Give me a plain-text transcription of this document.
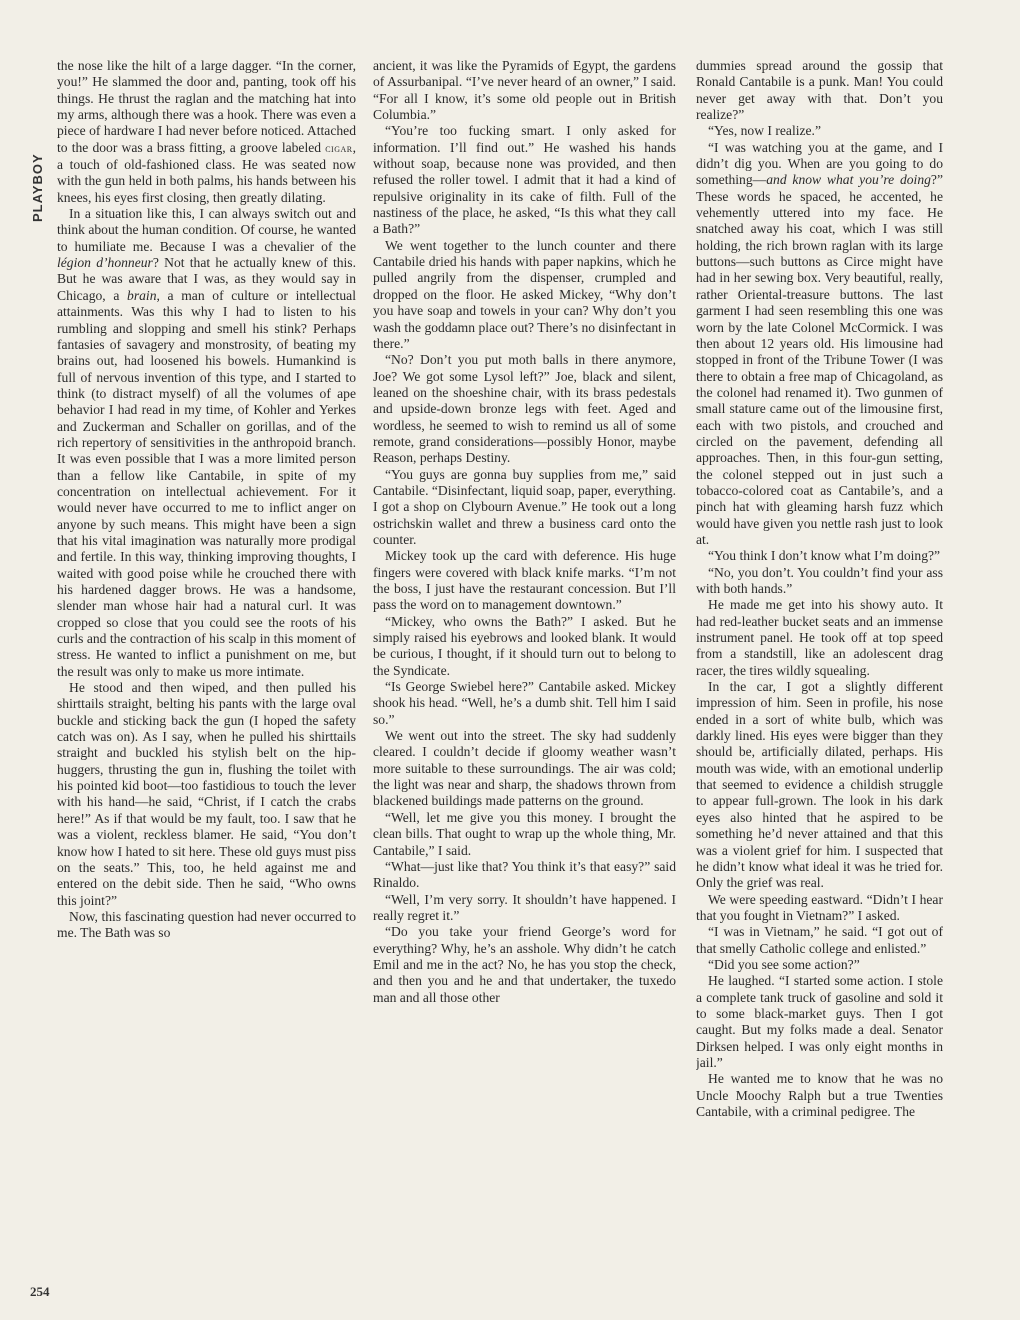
PLAYBOY

the nose like the hilt of a large dagger. “In the corner, you!” He slammed the door and, panting, took off his things. He thrust the raglan and the matching hat into my arms, although there was a hook. There was even a piece of hardware I had never before noticed. Attached to the door was a brass fitting, a groove labeled cigar, a touch of old-fashioned class. He was seated now with the gun held in both palms, his hands between his knees, his eyes first closing, then greatly dilating.

In a situation like this, I can always switch out and think about the human condition. Of course, he wanted to humiliate me. Because I was a chevalier of the légion d’honneur? Not that he actually knew of this. But he was aware that I was, as they would say in Chicago, a brain, a man of culture or intellectual attainments. Was this why I had to listen to his rumbling and slopping and smell his stink? Perhaps fantasies of savagery and monstrosity, of beating my brains out, had loosened his bowels. Humankind is full of nervous invention of this type, and I started to think (to distract myself) of all the volumes of ape behavior I had read in my time, of Kohler and Yerkes and Zuckerman and Schaller on gorillas, and of the rich repertory of sensitivities in the anthropoid branch. It was even possible that I was a more limited person than a fellow like Cantabile, in spite of my concentration on intellectual achievement. For it would never have occurred to me to inflict anger on anyone by such means. This might have been a sign that his vital imagination was naturally more prodigal and fertile. In this way, thinking improving thoughts, I waited with good poise while he crouched there with his hardened dagger brows. He was a handsome, slender man whose hair had a natural curl. It was cropped so close that you could see the roots of his curls and the contraction of his scalp in this moment of stress. He wanted to inflict a punishment on me, but the result was only to make us more intimate.

He stood and then wiped, and then pulled his shirttails straight, belting his pants with the large oval buckle and sticking back the gun (I hoped the safety catch was on). As I say, when he pulled his shirttails straight and buckled his stylish belt on the hip-huggers, thrusting the gun in, flushing the toilet with his pointed kid boot—too fastidious to touch the lever with his hand—he said, “Christ, if I catch the crabs here!” As if that would be my fault, too. I saw that he was a violent, reckless blamer. He said, “You don’t know how I hated to sit here. These old guys must piss on the seats.” This, too, he held against me and entered on the debit side. Then he said, “Who owns this joint?”

Now, this fascinating question had never occurred to me. The Bath was so

ancient, it was like the Pyramids of Egypt, the gardens of Assurbanipal. “I’ve never heard of an owner,” I said. “For all I know, it’s some old people out in British Columbia.”

“You’re too fucking smart. I only asked for information. I’ll find out.” He washed his hands without soap, because none was provided, and then refused the roller towel. I admit that it had a kind of repulsive originality in its cake of filth. Full of the nastiness of the place, he asked, “Is this what they call a Bath?”

We went together to the lunch counter and there Cantabile dried his hands with paper napkins, which he pulled angrily from the dispenser, crumpled and dropped on the floor. He asked Mickey, “Why don’t you have soap and towels in your can? Why don’t you wash the goddamn place out? There’s no disinfectant in there.”

“No? Don’t you put moth balls in there anymore, Joe? We got some Lysol left?” Joe, black and silent, leaned on the shoeshine chair, with its brass pedestals and upside-down bronze legs with feet. Aged and wordless, he seemed to wish to remind us all of some remote, grand considerations—possibly Honor, maybe Reason, perhaps Destiny.

“You guys are gonna buy supplies from me,” said Cantabile. “Disinfectant, liquid soap, paper, everything. I got a shop on Clybourn Avenue.” He took out a long ostrichskin wallet and threw a business card onto the counter.

Mickey took up the card with deference. His huge fingers were covered with black knife marks. “I’m not the boss, I just have the restaurant concession. But I’ll pass the word on to management downtown.”

“Mickey, who owns the Bath?” I asked. But he simply raised his eyebrows and looked blank. It would be curious, I thought, if it should turn out to belong to the Syndicate.

“Is George Swiebel here?” Cantabile asked. Mickey shook his head. “Well, he’s a dumb shit. Tell him I said so.”

We went out into the street. The sky had suddenly cleared. I couldn’t decide if gloomy weather wasn’t more suitable to these surroundings. The air was cold; the light was near and sharp, the shadows thrown from blackened buildings made patterns on the ground.

“Well, let me give you this money. I brought the clean bills. That ought to wrap up the whole thing, Mr. Cantabile,” I said.

“What—just like that? You think it’s that easy?” said Rinaldo.

“Well, I’m very sorry. It shouldn’t have happened. I really regret it.”

“Do you take your friend George’s word for everything? Why, he’s an asshole. Why didn’t he catch Emil and me in the act? No, he has you stop the check, and then you and he and that undertaker, the tuxedo man and all those other

dummies spread around the gossip that Ronald Cantabile is a punk. Man! You could never get away with that. Don’t you realize?”

“Yes, now I realize.”

“I was watching you at the game, and I didn’t dig you. When are you going to do something—and know what you’re doing?” These words he spaced, he accented, he vehemently uttered into my face. He snatched away his coat, which I was still holding, the rich brown raglan with its large buttons—such buttons as Circe might have had in her sewing box. Very beautiful, really, rather Oriental-treasure buttons. The last garment I had seen resembling this one was worn by the late Colonel McCormick. I was then about 12 years old. His limousine had stopped in front of the Tribune Tower (I was there to obtain a free map of Chicagoland, as the colonel had renamed it). Two gunmen of small stature came out of the limousine first, each with two pistols, and crouched and circled on the pavement, defending all approaches. Then, in this four-gun setting, the colonel stepped out in just such a tobacco-colored coat as Cantabile’s, and a pinch hat with gleaming harsh fuzz which would have given you nettle rash just to look at.

“You think I don’t know what I’m doing?”

“No, you don’t. You couldn’t find your ass with both hands.”

He made me get into his showy auto. It had red-leather bucket seats and an immense instrument panel. He took off at top speed from a standstill, like an adolescent drag racer, the tires wildly squealing.

In the car, I got a slightly different impression of him. Seen in profile, his nose ended in a sort of white bulb, which was darkly lined. His eyes were bigger than they should be, artificially dilated, perhaps. His mouth was wide, with an emotional underlip that seemed to evidence a childish struggle to appear full-grown. The look in his dark eyes also hinted that he aspired to be something he’d never attained and that this was a violent grief for him. I suspected that he didn’t know what ideal it was he tried for. Only the grief was real.

We were speeding eastward. “Didn’t I hear that you fought in Vietnam?” I asked.

“I was in Vietnam,” he said. “I got out of that smelly Catholic college and enlisted.”

“Did you see some action?”

He laughed. “I started some action. I stole a complete tank truck of gasoline and sold it to some black-market guys. Then I got caught. But my folks made a deal. Senator Dirksen helped. I was only eight months in jail.”

He wanted me to know that he was no Uncle Moochy Ralph but a true Twenties Cantabile, with a criminal pedigree. The

254
